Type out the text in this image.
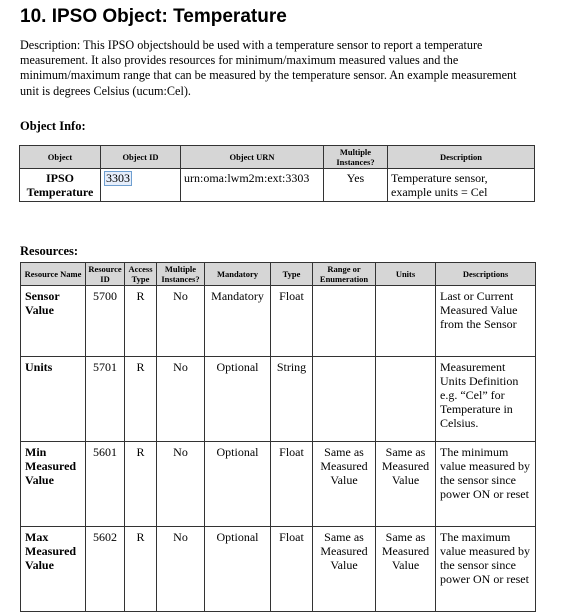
10. IPSO Object: Temperature
Description: This IPSO objectshould be used with a temperature sensor to report a temperature measurement. It also provides resources for minimum/maximum measured values and the minimum/maximum range that can be measured by the temperature sensor. An example measurement unit is degrees Celsius (ucum:Cel).
Object Info:
Object	Object ID	Object URN	Multiple Instances?	Description
IPSO Temperature	3303	urn:oma:lwm2m:ext:3303	Yes	Temperature sensor, example units = Cel
Resources:
Resource Name	Resource ID	Access Type	Multiple Instances?	Mandatory	Type	Range or Enumeration	Units	Descriptions
Sensor Value	5700	R	No	Mandatory	Float			Last or Current Measured Value from the Sensor
Units	5701	R	No	Optional	String			Measurement Units Definition e.g. “Cel” for Temperature in Celsius.
Min Measured Value	5601	R	No	Optional	Float	Same as Measured Value	Same as Measured Value	The minimum value measured by the sensor since power ON or reset
Max Measured Value	5602	R	No	Optional	Float	Same as Measured Value	Same as Measured Value	The maximum value measured by the sensor since power ON or reset
